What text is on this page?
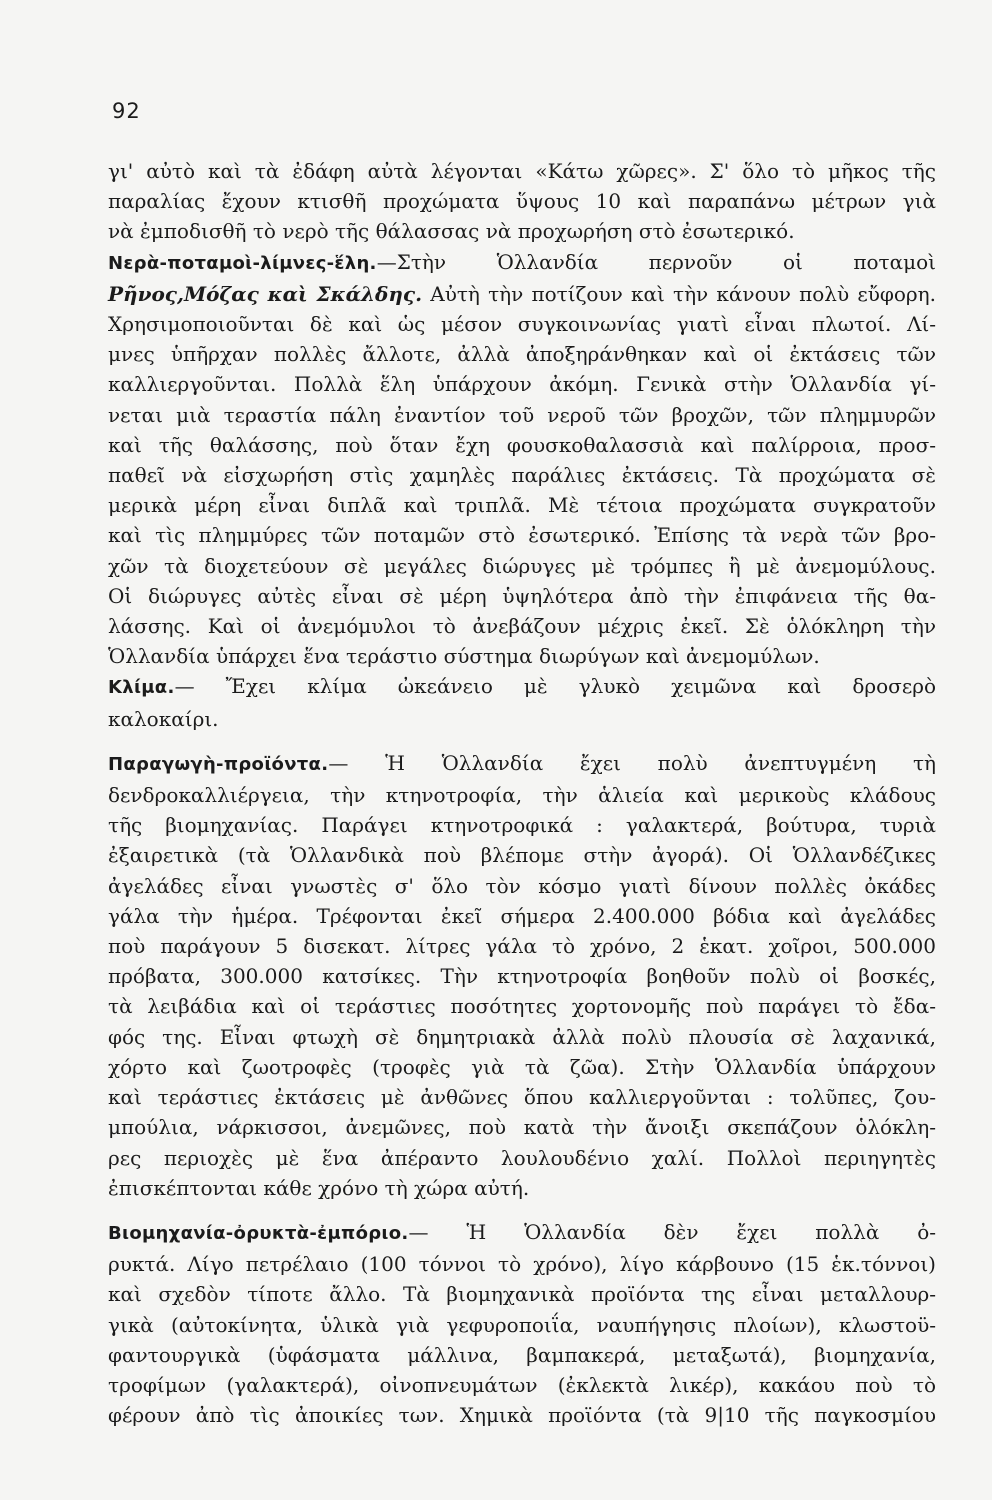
92
γι' αὐτὸ καὶ τὰ ἐδάφη αὐτὰ λέγονται «Κάτω χῶρες». Σ' ὅλο τὸ μῆκος τῆς
παραλίας ἔχουν κτισθῆ προχώματα ὕψους 10 καὶ παραπάνω μέτρων γιὰ
νὰ ἐμποδισθῆ τὸ νερὸ τῆς θάλασσας νὰ προχωρήση στὸ ἐσωτερικό.
Νερὰ-ποταμοὶ-λίμνες-ἕλη.—Στὴν Ὁλλανδία περνοῦν οἱ ποταμοὶ
Ρῆνος,Μόζας καὶ Σκάλδης. Αὐτὴ τὴν ποτίζουν καὶ τὴν κάνουν πολὺ εὔφορη.
Χρησιμοποιοῦνται δὲ καὶ ὡς μέσον συγκοινωνίας γιατὶ εἶναι πλωτοί. Λί-
μνες ὑπῆρχαν πολλὲς ἄλλοτε, ἀλλὰ ἀποξηράνθηκαν καὶ οἱ ἐκτάσεις τῶν
καλλιεργοῦνται. Πολλὰ ἕλη ὑπάρχουν ἀκόμη. Γενικὰ στὴν Ὁλλανδία γί-
νεται μιὰ τεραστία πάλη ἐναντίον τοῦ νεροῦ τῶν βροχῶν, τῶν πλημμυρῶν
καὶ τῆς θαλάσσης, ποὺ ὅταν ἔχη φουσκοθαλασσιὰ καὶ παλίρροια, προσ-
παθεῖ νὰ εἰσχωρήση στὶς χαμηλὲς παράλιες ἐκτάσεις. Τὰ προχώματα σὲ
μερικὰ μέρη εἶναι διπλᾶ καὶ τριπλᾶ. Μὲ τέτοια προχώματα συγκρατοῦν
καὶ τὶς πλημμύρες τῶν ποταμῶν στὸ ἐσωτερικό. Ἐπίσης τὰ νερὰ τῶν βρο-
χῶν τὰ διοχετεύουν σὲ μεγάλες διώρυγες μὲ τρόμπες ἢ μὲ ἀνεμομύλους.
Οἱ διώρυγες αὐτὲς εἶναι σὲ μέρη ὑψηλότερα ἀπὸ τὴν ἐπιφάνεια τῆς θα-
λάσσης. Καὶ οἱ ἀνεμόμυλοι τὸ ἀνεβάζουν μέχρις ἐκεῖ. Σὲ ὁλόκληρη τὴν
Ὁλλανδία ὑπάρχει ἕνα τεράστιο σύστημα διωρύγων καὶ ἀνεμομύλων.
Κλίμα.— Ἔχει κλίμα ὠκεάνειο μὲ γλυκὸ χειμῶνα καὶ δροσερὸ
καλοκαίρι.
Παραγωγὴ-προϊόντα.— Ἡ Ὁλλανδία ἔχει πολὺ ἀνεπτυγμένη τὴ
δενδροκαλλιέργεια, τὴν κτηνοτροφία, τὴν ἁλιεία καὶ μερικοὺς κλάδους
τῆς βιομηχανίας. Παράγει κτηνοτροφικά : γαλακτερά, βούτυρα, τυριὰ
ἐξαιρετικὰ (τὰ Ὁλλανδικὰ ποὺ βλέπομε στὴν ἀγορά). Οἱ Ὁλλανδέζικες
ἀγελάδες εἶναι γνωστὲς σ' ὅλο τὸν κόσμο γιατὶ δίνουν πολλὲς ὀκάδες
γάλα τὴν ἡμέρα. Τρέφονται ἐκεῖ σήμερα 2.400.000 βόδια καὶ ἀγελάδες
ποὺ παράγουν 5 δισεκατ. λίτρες γάλα τὸ χρόνο, 2 ἑκατ. χοῖροι, 500.000
πρόβατα, 300.000 κατσίκες. Τὴν κτηνοτροφία βοηθοῦν πολὺ οἱ βοσκές,
τὰ λειβάδια καὶ οἱ τεράστιες ποσότητες χορτονομῆς ποὺ παράγει τὸ ἔδα-
φός της. Εἶναι φτωχὴ σὲ δημητριακὰ ἀλλὰ πολὺ πλουσία σὲ λαχανικά,
χόρτο καὶ ζωοτροφὲς (τροφὲς γιὰ τὰ ζῶα). Στὴν Ὁλλανδία ὑπάρχουν
καὶ τεράστιες ἐκτάσεις μὲ ἀνθῶνες ὅπου καλλιεργοῦνται : τολῦπες, ζου-
μπούλια, νάρκισσοι, ἀνεμῶνες, ποὺ κατὰ τὴν ἄνοιξι σκεπάζουν ὁλόκλη-
ρες περιοχὲς μὲ ἕνα ἀπέραντο λουλουδένιο χαλί. Πολλοὶ περιηγητὲς
ἐπισκέπτονται κάθε χρόνο τὴ χώρα αὐτή.
Βιομηχανία-ὀρυκτὰ-ἐμπόριο.— Ἡ Ὁλλανδία δὲν ἔχει πολλὰ ὀ-
ρυκτά. Λίγο πετρέλαιο (100 τόννοι τὸ χρόνο), λίγο κάρβουνο (15 ἑκ.τόννοι)
καὶ σχεδὸν τίποτε ἄλλο. Τὰ βιομηχανικὰ προϊόντα της εἶναι μεταλλουρ-
γικὰ (αὐτοκίνητα, ὑλικὰ γιὰ γεφυροποιΐα, ναυπήγησις πλοίων), κλωστοϋ-
φαντουργικὰ (ὑφάσματα μάλλινα, βαμπακερά, μεταξωτά), βιομηχανία,
τροφίμων (γαλακτερά), οἰνοπνευμάτων (ἐκλεκτὰ λικέρ), κακάου ποὺ τὸ
φέρουν ἀπὸ τὶς ἀποικίες των. Χημικὰ προϊόντα (τὰ 9|10 τῆς παγκοσμίου
